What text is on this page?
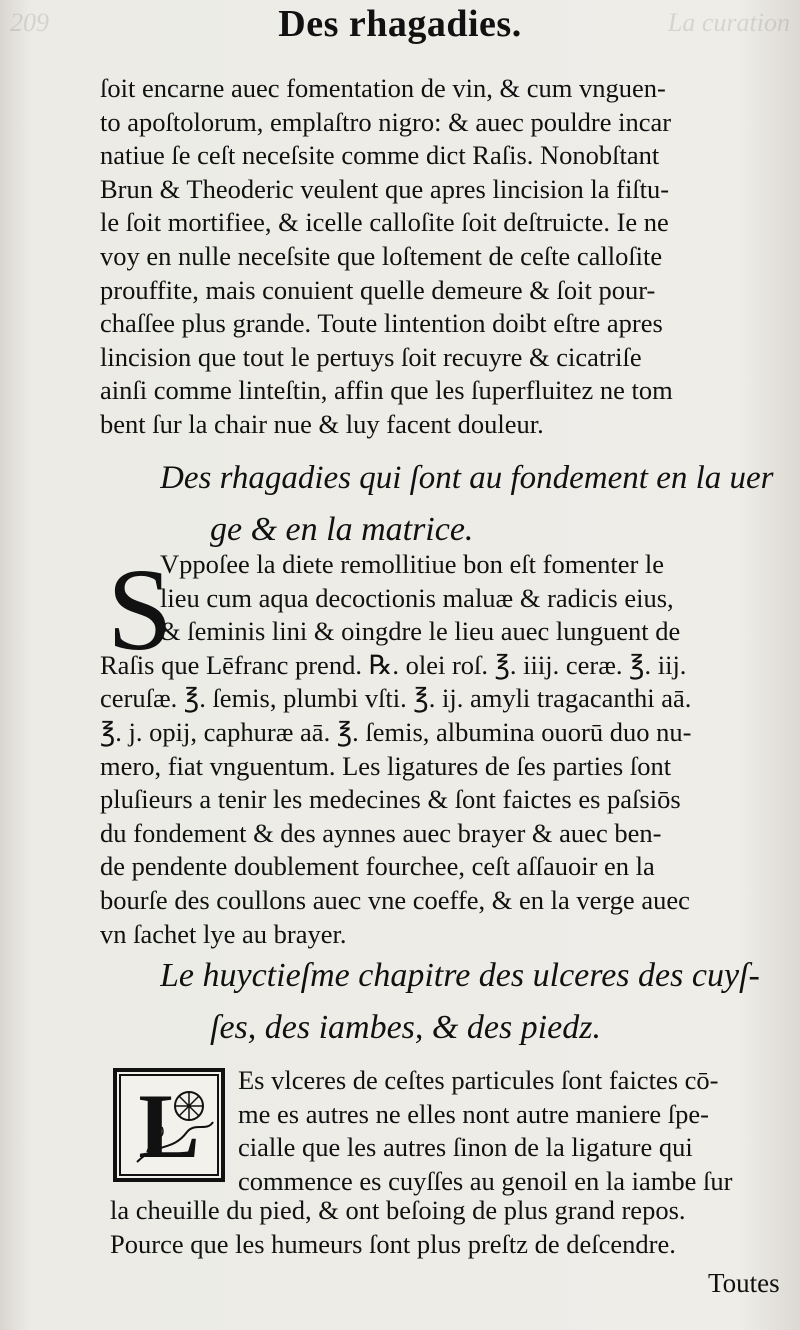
209	La curation
Des rhagadies.
ſoit encarne auec fomentation de vin, & cum vnguen-
to apoſtolorum, emplaſtro nigro: & auec pouldre incar
natiue ſe ceſt neceſsite comme dict Raſis. Nonobſtant
Brun & Theoderic veulent que apres lincision la fiſtu-
le ſoit mortifiee, & icelle calloſite ſoit deſtruicte. Ie ne
voy en nulle neceſsite que loſtement de ceſte calloſite
prouffite, mais conuient quelle demeure & ſoit pour-
chaſſee plus grande. Toute lintention doibt eſtre apres
lincision que tout le pertuys ſoit recuyre & cicatriſe
ainſi comme linteſtin, affin que les ſuperfluitez ne tom
bent ſur la chair nue & luy facent douleur.
Des rhagadies qui ſont au fondement en la uer
ge & en la matrice.
S
Vppoſee la diete remollitiue bon eſt fomenter le
lieu cum aqua decoctionis maluæ & radicis eius,
& ſeminis lini & oingdre le lieu auec lunguent de
Raſis que Lēfranc prend. ℞. olei roſ. ℥. iiij. ceræ. ℥. iij.
ceruſæ. ℥. ſemis, plumbi vſti. ℥. ij. amyli tragacanthi aā.
℥. j. opij, caphuræ aā. ℥. ſemis, albumina ouorū duo nu-
mero, fiat vnguentum. Les ligatures de ſes parties ſont
pluſieurs a tenir les medecines & ſont faictes es paſsiōs
du fondement & des aynnes auec brayer & auec ben-
de pendente doublement fourchee, ceſt aſſauoir en la
bourſe des coullons auec vne coeffe, & en la verge auec
vn ſachet lye au brayer.
Le huyctieſme chapitre des ulceres des cuyſ-
ſes, des iambes, & des piedz.
L	Es vlceres de ceſtes particules ſont faictes cō-
me es autres ne elles nont autre maniere ſpe-
cialle que les autres ſinon de la ligature qui
commence es cuyſſes au genoil en la iambe ſur
la cheuille du pied, & ont beſoing de plus grand repos.
Pource que les humeurs ſont plus preſtz de deſcendre.
Toutes
